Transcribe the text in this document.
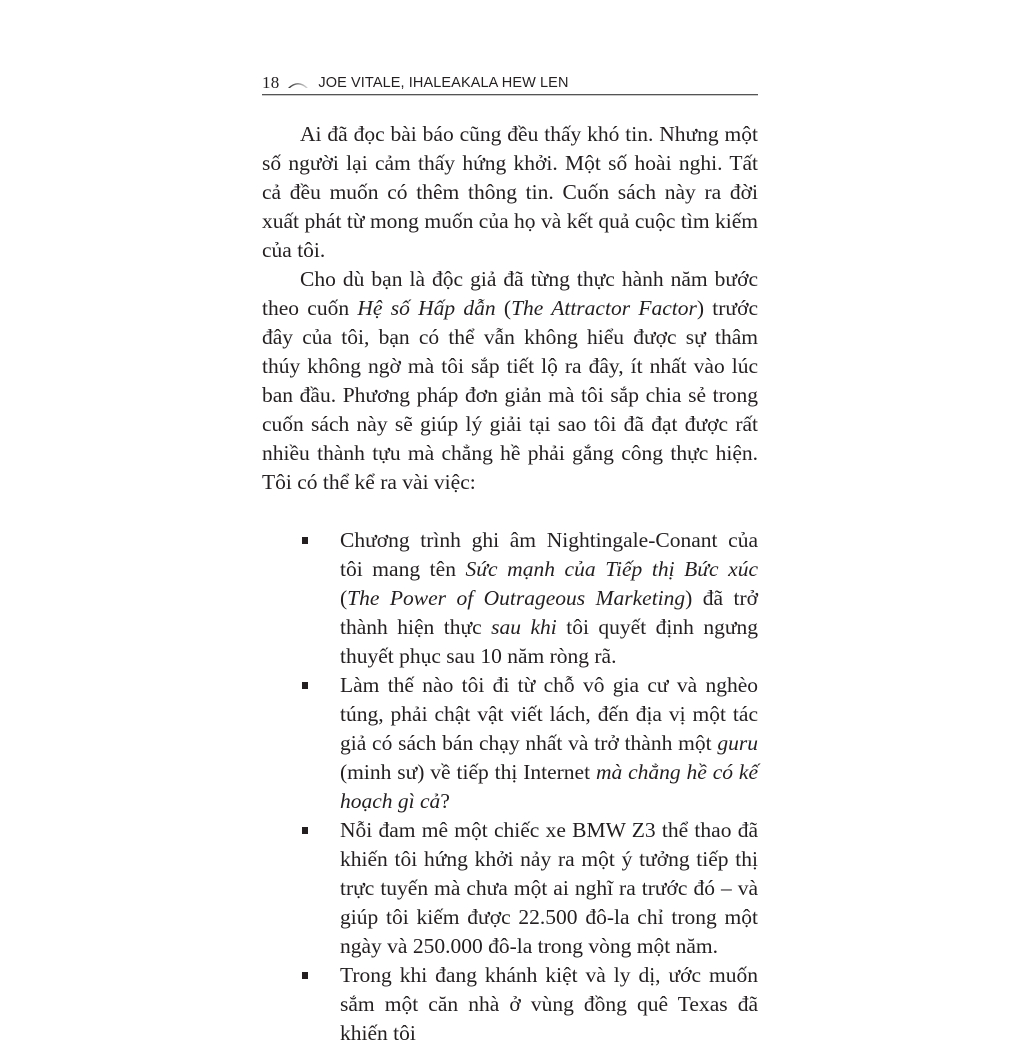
18	JOE VITALE, IHALEAKALA HEW LEN

Ai đã đọc bài báo cũng đều thấy khó tin. Nhưng một số người lại cảm thấy hứng khởi. Một số hoài nghi. Tất cả đều muốn có thêm thông tin. Cuốn sách này ra đời xuất phát từ mong muốn của họ và kết quả cuộc tìm kiếm của tôi.

Cho dù bạn là độc giả đã từng thực hành năm bước theo cuốn Hệ số Hấp dẫn (The Attractor Factor) trước đây của tôi, bạn có thể vẫn không hiểu được sự thâm thúy không ngờ mà tôi sắp tiết lộ ra đây, ít nhất vào lúc ban đầu. Phương pháp đơn giản mà tôi sắp chia sẻ trong cuốn sách này sẽ giúp lý giải tại sao tôi đã đạt được rất nhiều thành tựu mà chẳng hề phải gắng công thực hiện. Tôi có thể kể ra vài việc:

Chương trình ghi âm Nightingale-Conant của tôi mang tên Sức mạnh của Tiếp thị Bức xúc (The Power of Outrageous Marketing) đã trở thành hiện thực sau khi tôi quyết định ngưng thuyết phục sau 10 năm ròng rã.
Làm thế nào tôi đi từ chỗ vô gia cư và nghèo túng, phải chật vật viết lách, đến địa vị một tác giả có sách bán chạy nhất và trở thành một guru (minh sư) về tiếp thị Internet mà chẳng hề có kế hoạch gì cả?
Nỗi đam mê một chiếc xe BMW Z3 thể thao đã khiến tôi hứng khởi nảy ra một ý tưởng tiếp thị trực tuyến mà chưa một ai nghĩ ra trước đó – và giúp tôi kiếm được 22.500 đô-la chỉ trong một ngày và 250.000 đô-la trong vòng một năm.
Trong khi đang khánh kiệt và ly dị, ước muốn sắm một căn nhà ở vùng đồng quê Texas đã khiến tôi
